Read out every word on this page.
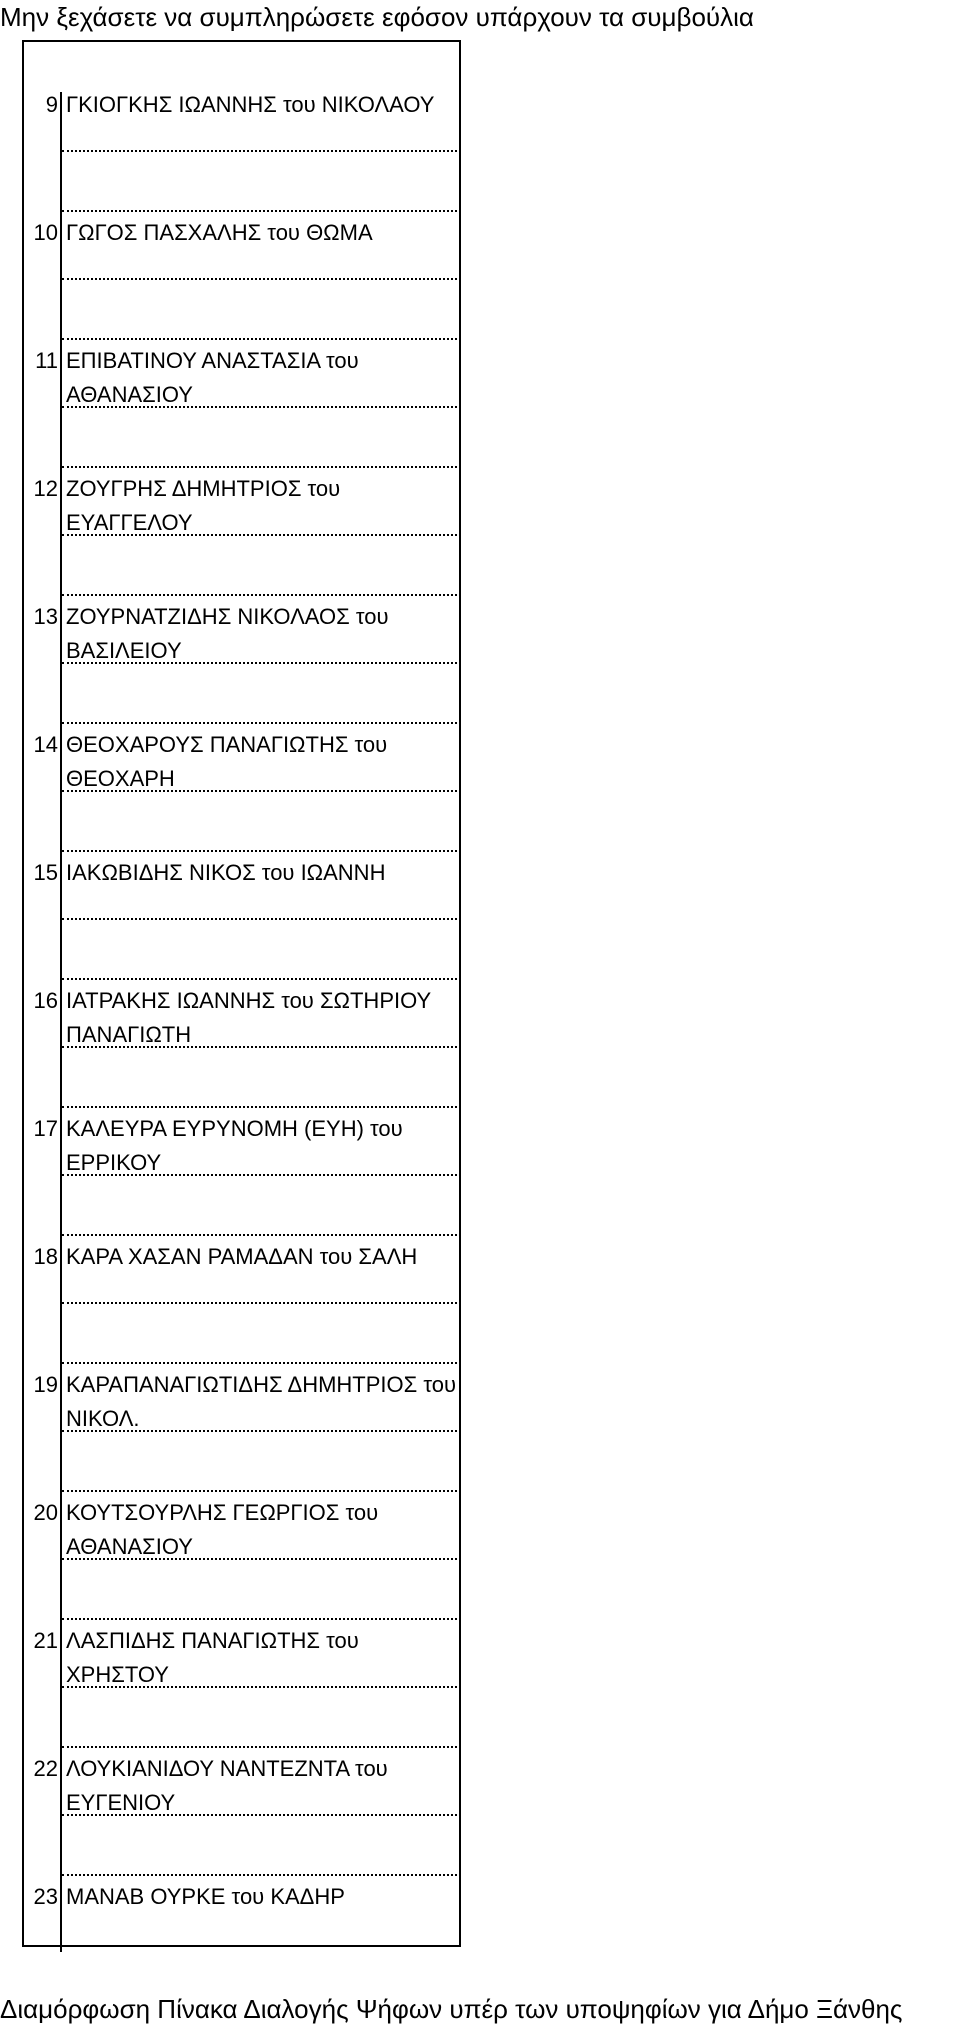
Μην ξεχάσετε να συμπληρώσετε εφόσον υπάρχουν τα συμβούλια
9 ΓΚΙΟΓΚΗΣ ΙΩΑΝΝΗΣ του ΝΙΚΟΛΑΟΥ
10 ΓΩΓΟΣ ΠΑΣΧΑΛΗΣ του ΘΩΜΑ
11 ΕΠΙΒΑΤΙΝΟΥ ΑΝΑΣΤΑΣΙΑ του ΑΘΑΝΑΣΙΟΥ
12 ΖΟΥΓΡΗΣ ΔΗΜΗΤΡΙΟΣ του ΕΥΑΓΓΕΛΟΥ
13 ΖΟΥΡΝΑΤΖΙΔΗΣ ΝΙΚΟΛΑΟΣ του ΒΑΣΙΛΕΙΟΥ
14 ΘΕΟΧΑΡΟΥΣ ΠΑΝΑΓΙΩΤΗΣ του ΘΕΟΧΑΡΗ
15 ΙΑΚΩΒΙΔΗΣ ΝΙΚΟΣ του ΙΩΑΝΝΗ
16 ΙΑΤΡΑΚΗΣ ΙΩΑΝΝΗΣ του ΣΩΤΗΡΙΟΥ ΠΑΝΑΓΙΩΤΗ
17 ΚΑΛΕΥΡΑ ΕΥΡΥΝΟΜΗ (ΕΥΗ) του ΕΡΡΙΚΟΥ
18 ΚΑΡΑ ΧΑΣΑΝ ΡΑΜΑΔΑΝ του ΣΑΛΗ
19 ΚΑΡΑΠΑΝΑΓΙΩΤΙΔΗΣ ΔΗΜΗΤΡΙΟΣ του ΝΙΚΟΛ.
20 ΚΟΥΤΣΟΥΡΛΗΣ ΓΕΩΡΓΙΟΣ του ΑΘΑΝΑΣΙΟΥ
21 ΛΑΣΠΙΔΗΣ ΠΑΝΑΓΙΩΤΗΣ του ΧΡΗΣΤΟΥ
22 ΛΟΥΚΙΑΝΙΔΟΥ ΝΑΝΤΕΖΝΤΑ του ΕΥΓΕΝΙΟΥ
23 ΜΑΝΑΒ ΟΥΡΚΕ του ΚΑΔΗΡ
Διαμόρφωση Πίνακα Διαλογής Ψήφων υπέρ των υποψηφίων για Δήμο Ξάνθης
